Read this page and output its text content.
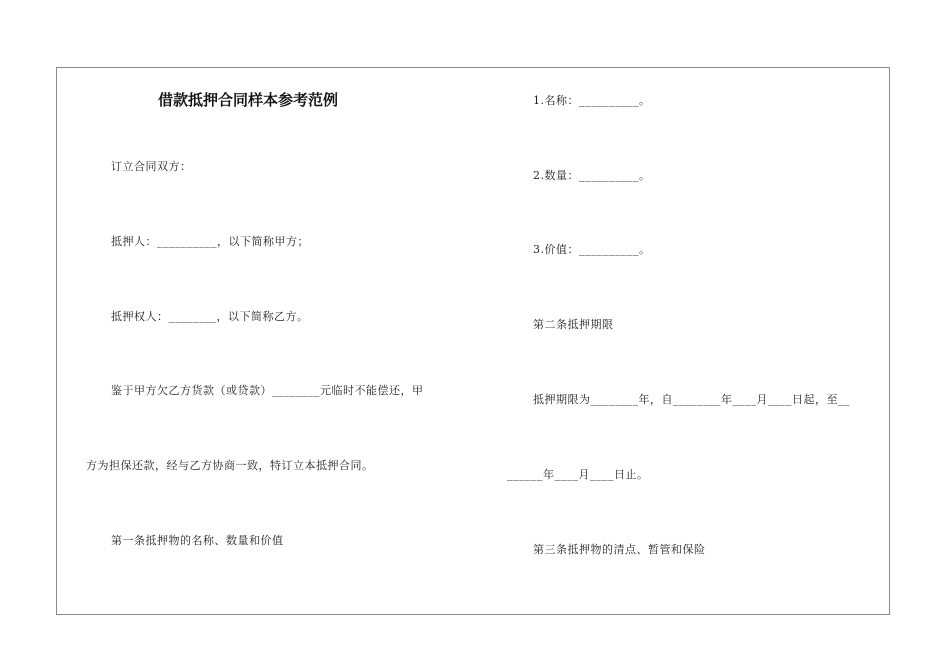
借款抵押合同样本参考范例
订立合同双方：
抵押人：__________，以下简称甲方；
抵押权人：________，以下简称乙方。
鉴于甲方欠乙方货款（或贷款）________元临时不能偿还，甲
方为担保还款，经与乙方协商一致，特订立本抵押合同。
第一条抵押物的名称、数量和价值
1.名称：__________。
2.数量：__________。
3.价值：__________。
第二条抵押期限
抵押期限为________年，自________年____月____日起，至__
______年____月____日止。
第三条抵押物的清点、暂管和保险
